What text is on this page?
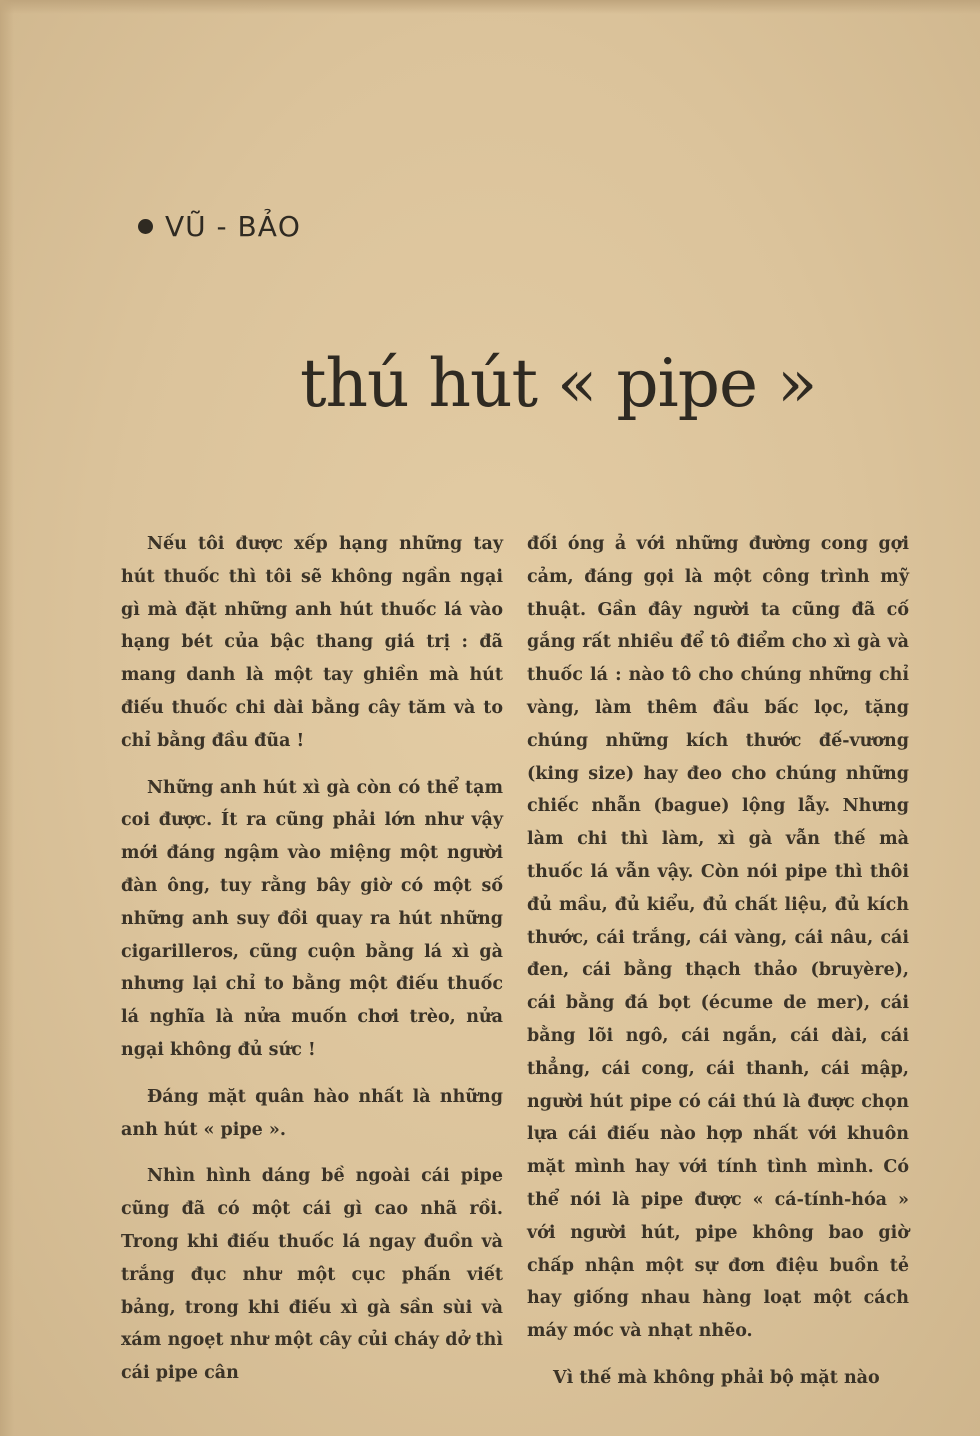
VŨ - BẢO
thú hút « pipe »

Nếu tôi được xếp hạng những tay hút thuốc thì tôi sẽ không ngần ngại gì mà đặt những anh hút thuốc lá vào hạng bét của bậc thang giá trị : đã mang danh là một tay ghiền mà hút điếu thuốc chi dài bằng cây tăm và to chỉ bằng đầu đũa !

Những anh hút xì gà còn có thể tạm coi được. Ít ra cũng phải lớn như vậy mới đáng ngậm vào miệng một người đàn ông, tuy rằng bây giờ có một số những anh suy đồi quay ra hút những cigarilleros, cũng cuộn bằng lá xì gà nhưng lại chỉ to bằng một điếu thuốc lá nghĩa là nửa muốn chơi trèo, nửa ngại không đủ sức !

Đáng mặt quân hào nhất là những anh hút « pipe ».

Nhìn hình dáng bề ngoài cái pipe cũng đã có một cái gì cao nhã rồi. Trong khi điếu thuốc lá ngay đuồn và trắng đục như một cục phấn viết bảng, trong khi điếu xì gà sần sùi và xám ngoẹt như một cây củi cháy dở thì cái pipe cân

đối óng ả với những đường cong gợi cảm, đáng gọi là một công trình mỹ thuật. Gần đây người ta cũng đã cố gắng rất nhiều để tô điểm cho xì gà và thuốc lá : nào tô cho chúng những chỉ vàng, làm thêm đầu bấc lọc, tặng chúng những kích thước đế-vương (king size) hay đeo cho chúng những chiếc nhẫn (bague) lộng lẫy. Nhưng làm chi thì làm, xì gà vẫn thế mà thuốc lá vẫn vậy. Còn nói pipe thì thôi đủ mầu, đủ kiểu, đủ chất liệu, đủ kích thước, cái trắng, cái vàng, cái nâu, cái đen, cái bằng thạch thảo (bruyère), cái bằng đá bọt (écume de mer), cái bằng lõi ngô, cái ngắn, cái dài, cái thẳng, cái cong, cái thanh, cái mập, người hút pipe có cái thú là được chọn lựa cái điếu nào hợp nhất với khuôn mặt mình hay với tính tình mình. Có thể nói là pipe được « cá-tính-hóa » với người hút, pipe không bao giờ chấp nhận một sự đơn điệu buồn tẻ hay giống nhau hàng loạt một cách máy móc và nhạt nhẽo.

Vì thế mà không phải bộ mặt nào
